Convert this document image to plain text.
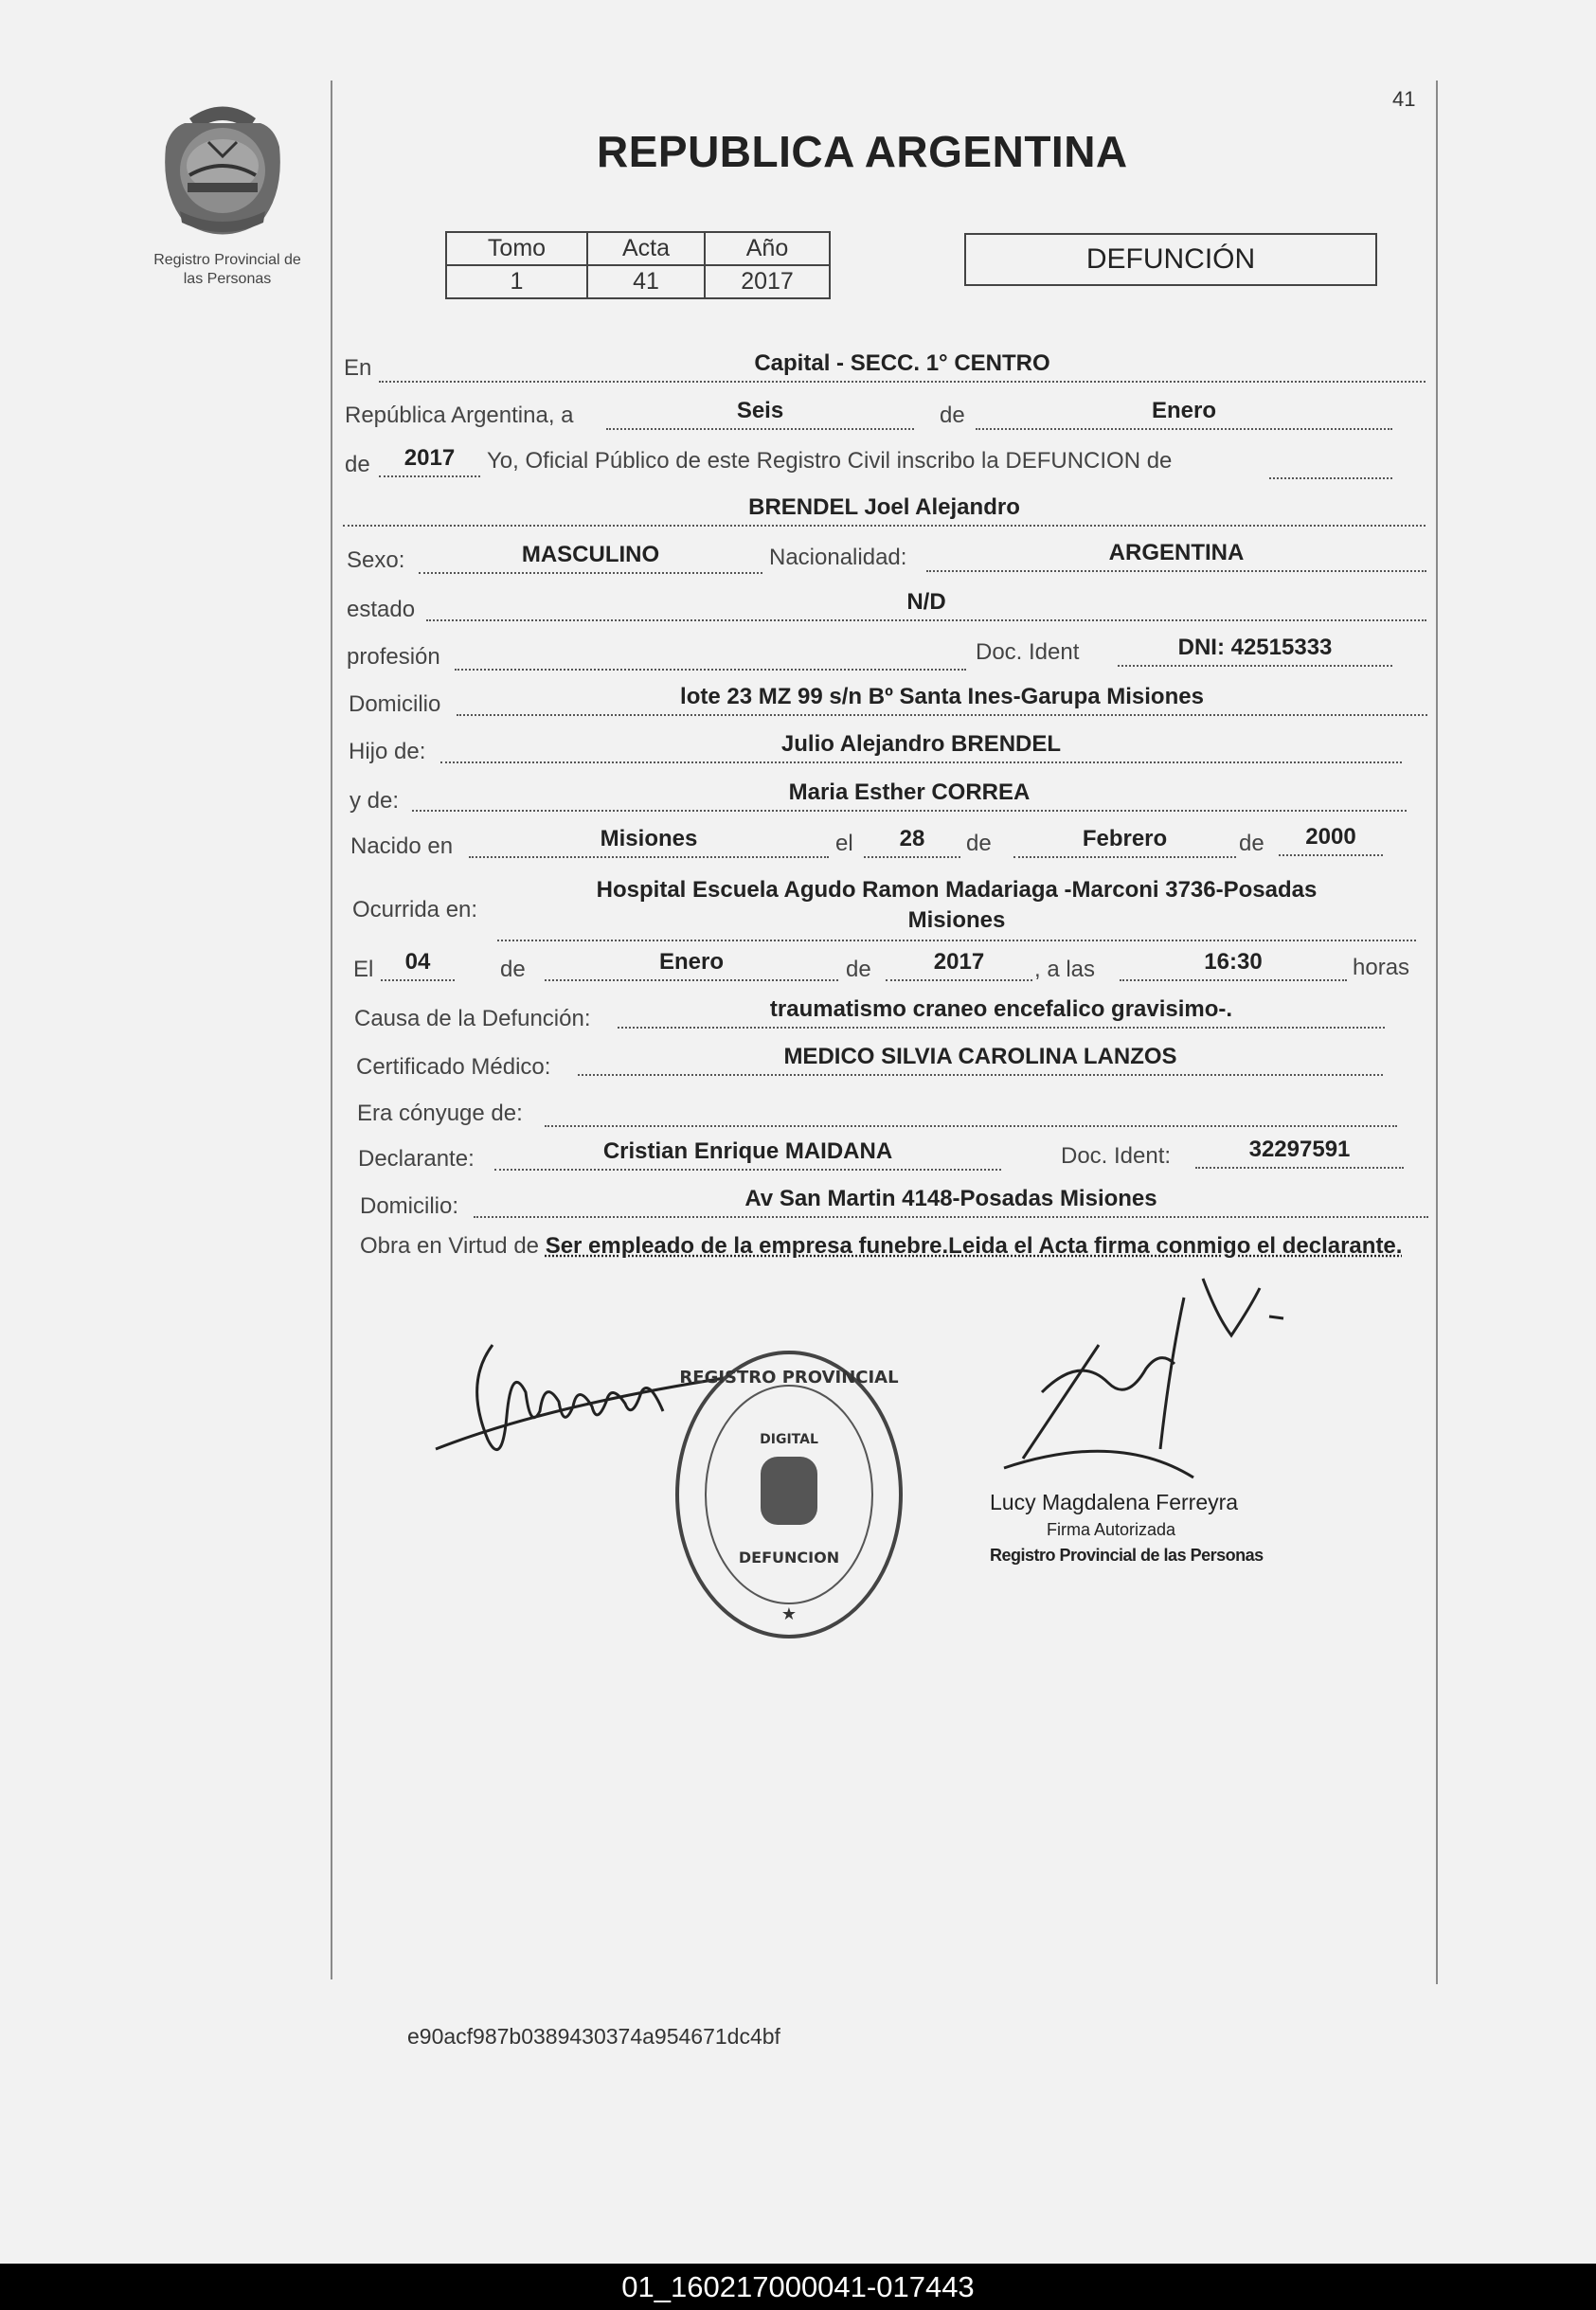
Registro Provincial de
las Personas
41
REPUBLICA ARGENTINA
Tomo	Acta	Año
1	41	2017
DEFUNCIÓN
En	Capital - SECC. 1° CENTRO
República Argentina, a	Seis	de	Enero
de	2017	Yo, Oficial Público de este Registro Civil inscribo la DEFUNCION de
BRENDEL Joel Alejandro
Sexo:	MASCULINO	Nacionalidad:	ARGENTINA
estado	N/D
profesión	Doc. Ident	DNI: 42515333
Domicilio	lote 23 MZ 99 s/n Bº Santa Ines-Garupa Misiones
Hijo de:	Julio Alejandro BRENDEL
y de:	Maria Esther CORREA
Nacido en	Misiones	el	28	de	Febrero	de	2000
Ocurrida en:
Hospital Escuela Agudo Ramon Madariaga -Marconi 3736-Posadas
Misiones
El	04	de	Enero	de	2017	, a las	16:30	horas
Causa de la Defunción:	traumatismo craneo encefalico gravisimo-.
Certificado Médico:	MEDICO SILVIA CAROLINA LANZOS
Era cónyuge de:
Declarante:	Cristian Enrique MAIDANA	Doc. Ident:	32297591
Domicilio:	Av San Martin 4148-Posadas Misiones
Obra en Virtud de Ser empleado de la empresa funebre.Leida el Acta firma conmigo el declarante.
REGISTRO PROVINCIAL
★
DEFUNCION
DIGITAL
Lucy Magdalena Ferreyra
Firma Autorizada
Registro Provincial de las Personas
e90acf987b0389430374a954671dc4bf
01_160217000041-017443
